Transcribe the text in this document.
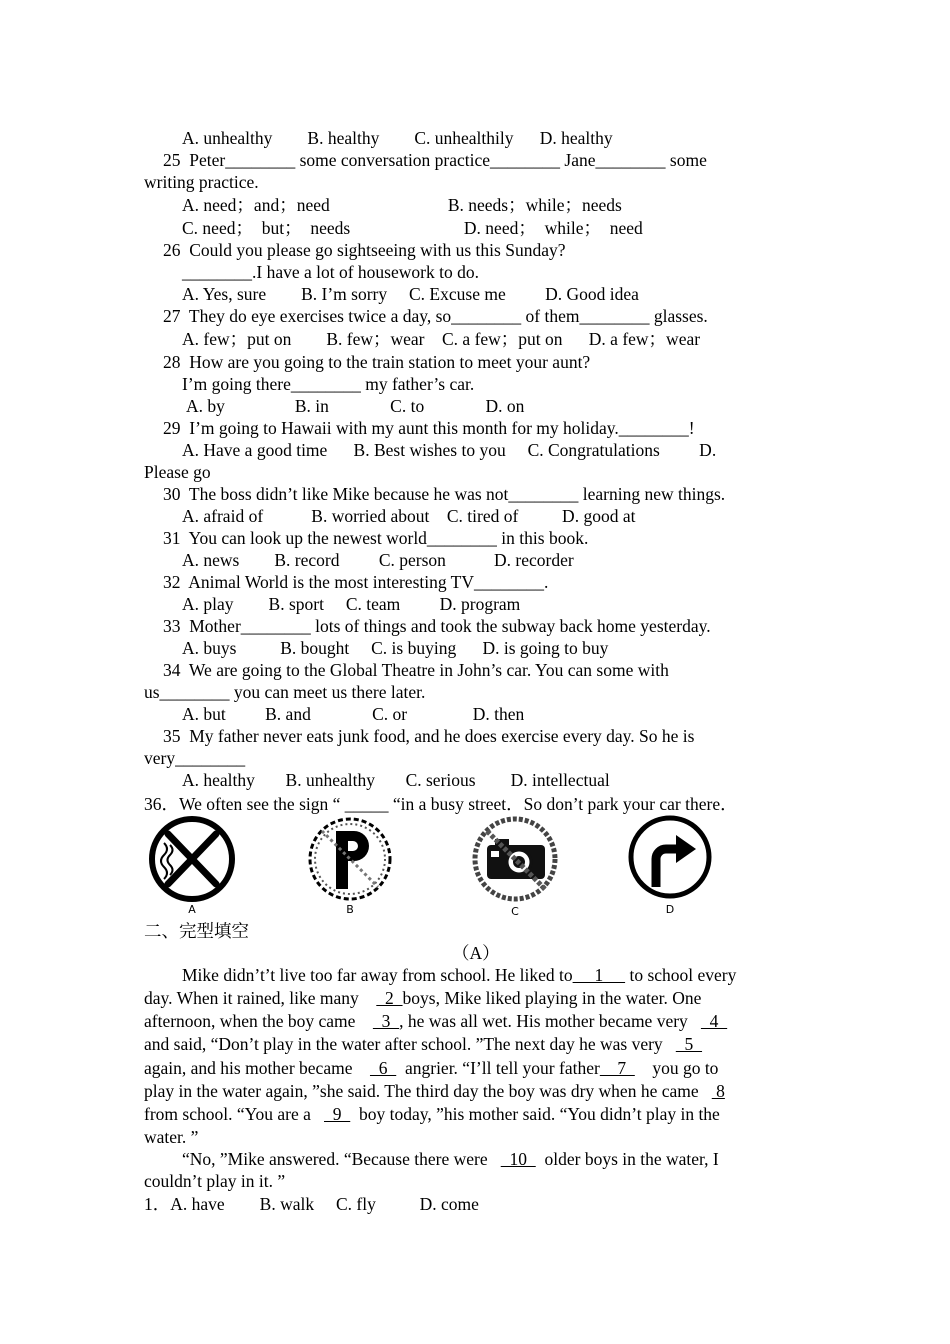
A. unhealthy        B. healthy        C. unhealthily      D. healthy
25  Peter________ some conversation practice________ Jane________ some
writing practice.
A. need；and；need                           B. needs；while；needs
C. need；  but；  needs                          D. need；  while；  need
26  Could you please go sightseeing with us this Sunday?
________.I have a lot of housework to do.
A. Yes, sure        B. I’m sorry     C. Excuse me         D. Good idea
27  They do eye exercises twice a day, so________ of them________ glasses.
A. few；put on        B. few；wear    C. a few；put on      D. a few；wear
28  How are you going to the train station to meet your aunt?
I’m going there________ my father’s car.
A. by                B. in              C. to              D. on
29  I’m going to Hawaii with my aunt this month for my holiday.________!
A. Have a good time      B. Best wishes to you     C. Congratulations         D.
Please go
30  The boss didn’t like Mike because he was not________ learning new things.
A. afraid of           B. worried about    C. tired of          D. good at
31  You can look up the newest world________ in this book.
A. news        B. record         C. person           D. recorder
32  Animal World is the most interesting TV________.
A. play        B. sport     C. team         D. program
33  Mother________ lots of things and took the subway back home yesterday.
A. buys          B. bought     C. is buying      D. is going to buy
34  We are going to the Global Theatre in John’s car. You can some with
us________ you can meet us there later.
A. but         B. and              C. or               D. then
35  My father never eats junk food, and he does exercise every day. So he is
very________
A. healthy       B. unhealthy       C. serious        D. intellectual
36．We often see the sign “ _____ “in a busy street．So don’t park your car there．
A	B	C	D
二、完型填空
（A）
Mike didn’t’t live too far away from school. He liked to     1      to school every
day. When it rained, like many      2  boys, Mike liked playing in the water. One
afternoon, when the boy came      3  , he was all wet. His mother became very     4
and said, “Don’t play in the water after school. ”The next day he was very     5
again, and his mother became      6    angrier. “I’ll tell your father    7      you go to
play in the water again, ”she said. The third day the boy was dry when he came    8
from school. “You are a     9    boy today, ”his mother said. “You didn’t play in the
water. ”
“No, ”Mike answered. “Because there were     10    older boys in the water, I
couldn’t play in it. ”
1．A. have        B. walk     C. fly          D. come
